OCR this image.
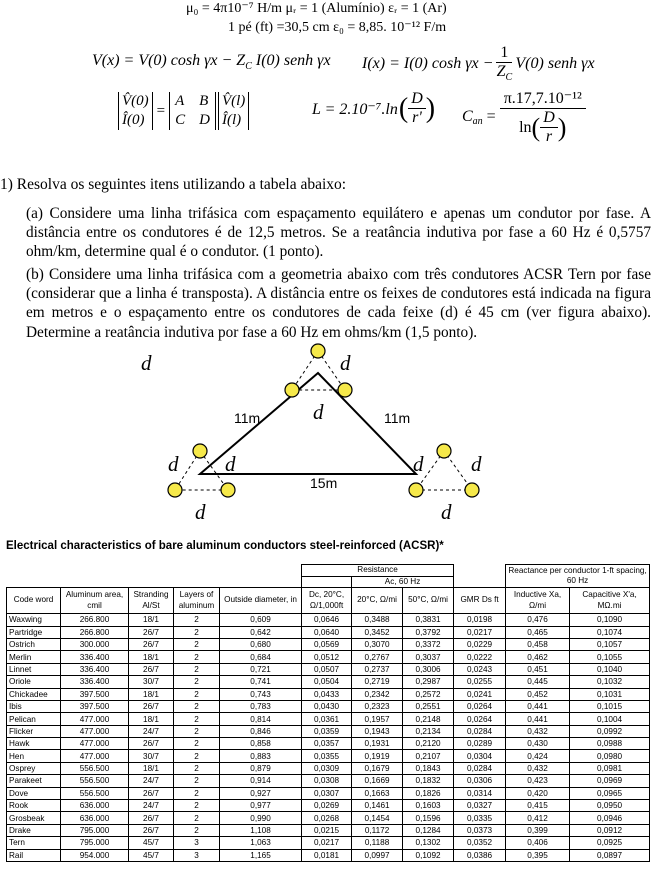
μ₀ = 4π10⁻⁷ H/m μᵣ = 1 (Alumínio) εᵣ = 1 (Ar)
1 pé (ft) =30,5 cm ε₀ = 8,85. 10⁻¹² F/m
V(x) = V(0) $\cosh \gamma x - Z_C$ I(0) senh γx I(x) = I(0) $\cosh \gamma x - \frac{1}{Z_C} V(0)$ senh γx
V̂(0)
Î(0)
=
A B
C D
V̂(l)
Î(l)
L = 2.10⁻⁷.ln ( D
r' ) $C_{an} = \pi.17,7.10^{-12}$
ln ( D
r )
1) Resolva os seguintes itens utilizando a tabela abaixo:
(a) Considere uma linha trifásica com espaçamento equilátero e apenas um condutor por fase. A distância entre os condutores é de 12,5 metros. Se a reatância indutiva por fase a 60 Hz é 0,5757 ohm/km, determine qual é o condutor. (1 ponto).
(b) Considere uma linha trifásica com a geometria abaixo com três condutores ACSR Tern por fase (considerar que a linha é transposta). A distância entre os feixes de condutores está indicada na figura em metros e o espaçamento entre os condutores de cada feixe (d) é 45 cm (ver figura abaixo). Determine a reatância indutiva por fase a 60 Hz em ohms/km (1,5 ponto).
d	d
d
11m	11m
d d	d d
15m
d	d
Electrical characteristics of bare aluminum conductors steel-reinforced (ACSR)*
					Resistance				Reactance per conductor 1-ft spacing, 60 Hz	
						Ac, 60 Hz				
Code word	Aluminum area, cmil	Stranding Al/St	Layers of aluminum	Outside diameter, in	Dc, 20°C, Ω/1,000ft	20°C, Ω/mi	50°C, Ω/mi	GMR Ds ft	Inductive Xa, Ω/mi	Capacitive X'a, MΩ.mi
Waxwing	266.800	18/1	2	0,609	0,0646	0,3488	0,3831	0,0198	0,476	0,1090
Partridge	266.800	26/7	2	0,642	0,0640	0,3452	0,3792	0,0217	0,465	0,1074
Ostrich	300.000	26/7	2	0,680	0,0569	0,3070	0,3372	0,0229	0,458	0,1057
Merlin	336.400	18/1	2	0,684	0,0512	0,2767	0,3037	0,0222	0,462	0,1055
Linnet	336.400	26/7	2	0,721	0,0507	0,2737	0,3006	0,0243	0,451	0,1040
Oriole	336.400	30/7	2	0,741	0,0504	0,2719	0,2987	0,0255	0,445	0,1032
Chickadee	397.500	18/1	2	0,743	0,0433	0,2342	0,2572	0,0241	0,452	0,1031
Ibis	397.500	26/7	2	0,783	0,0430	0,2323	0,2551	0,0264	0,441	0,1015
Pelican	477.000	18/1	2	0,814	0,0361	0,1957	0,2148	0,0264	0,441	0,1004
Flicker	477.000	24/7	2	0,846	0,0359	0,1943	0,2134	0,0284	0,432	0,0992
Hawk	477.000	26/7	2	0,858	0,0357	0,1931	0,2120	0,0289	0,430	0,0988
Hen	477.000	30/7	2	0,883	0,0355	0,1919	0,2107	0,0304	0,424	0,0980
Osprey	556.500	18/1	2	0,879	0,0309	0,1679	0,1843	0,0284	0,432	0,0981
Parakeet	556.500	24/7	2	0,914	0,0308	0,1669	0,1832	0,0306	0,423	0,0969
Dove	556.500	26/7	2	0,927	0,0307	0,1663	0,1826	0,0314	0,420	0,0965
Rook	636.000	24/7	2	0,977	0,0269	0,1461	0,1603	0,0327	0,415	0,0950
Grosbeak	636.000	26/7	2	0,990	0,0268	0,1454	0,1596	0,0335	0,412	0,0946
Drake	795.000	26/7	2	1,108	0,0215	0,1172	0,1284	0,0373	0,399	0,0912
Tern	795.000	45/7	3	1,063	0,0217	0,1188	0,1302	0,0352	0,406	0,0925
Rail	954.000	45/7	3	1,165	0,0181	0,0997	0,1092	0,0386	0,395	0,0897
